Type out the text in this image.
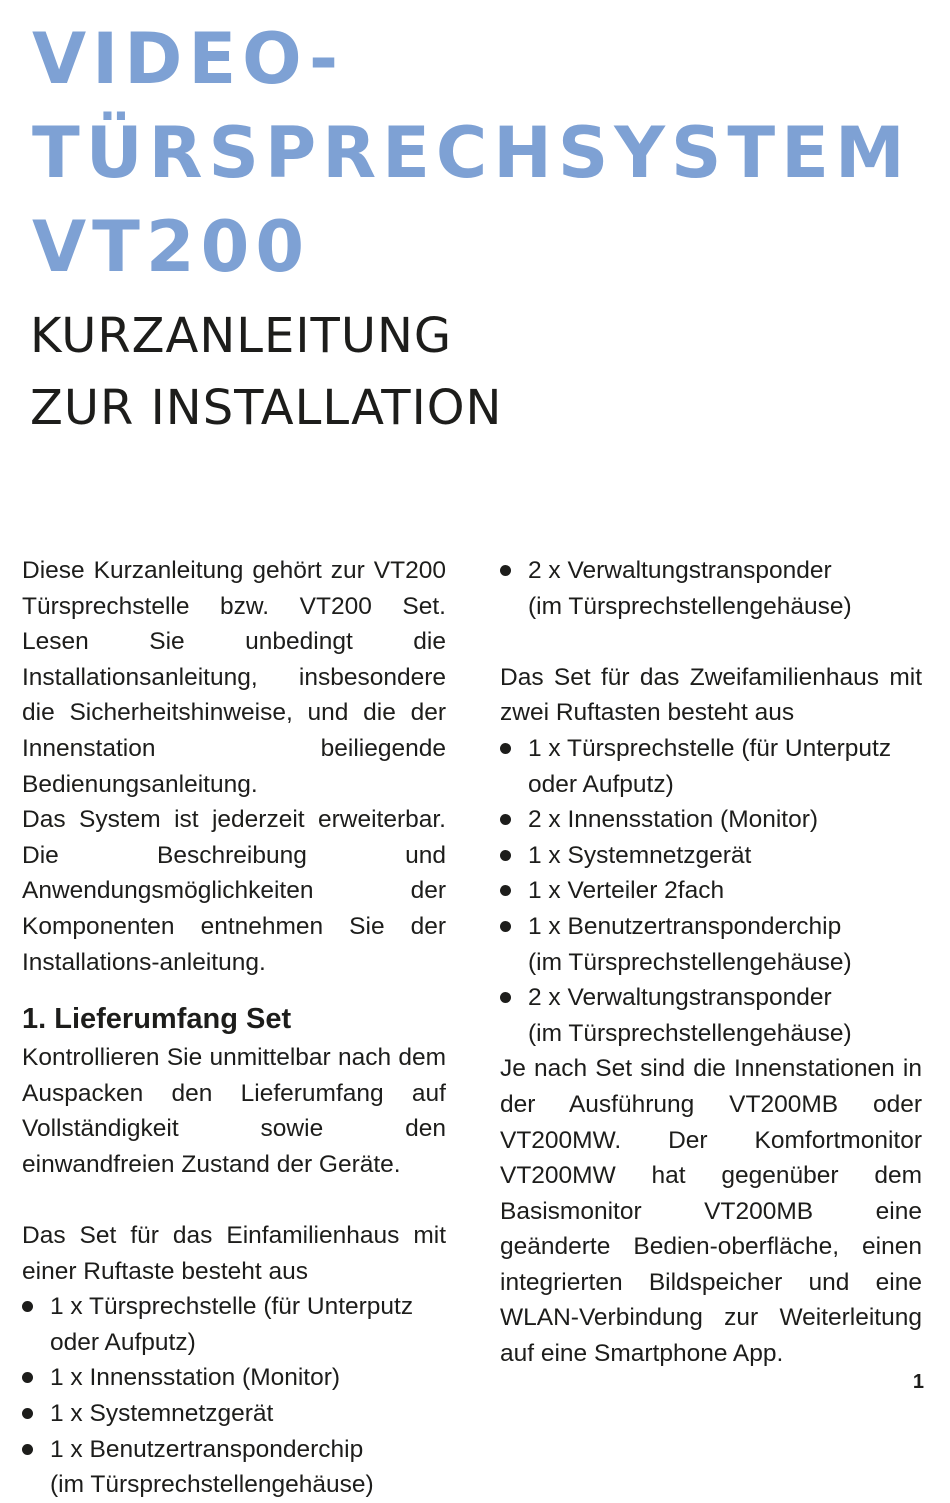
VIDEO-
TÜRSPRECHSYSTEM
VT200
KURZANLEITUNG
ZUR INSTALLATION

Diese Kurzanleitung gehört zur VT200 Türsprechstelle bzw. VT200 Set. Lesen Sie unbedingt die Installationsanleitung, insbesondere die Sicherheitshinweise, und die der Innenstation beiliegende Bedienungsanleitung.

Das System ist jederzeit erweiterbar. Die Beschreibung und Anwendungsmöglichkeiten der Komponenten entnehmen Sie der Installations-anleitung.

1. Lieferumfang Set

Kontrollieren Sie unmittelbar nach dem Auspacken den Lieferumfang auf Vollständigkeit sowie den einwandfreien Zustand der Geräte.

Das Set für das Einfamilienhaus mit einer Ruftaste besteht aus

1 x Türsprechstelle (für Unterputz oder Aufputz)
1 x Innensstation (Monitor)
1 x Systemnetzgerät
1 x Benutzertransponderchip
(im Türsprechstellengehäuse)
2 x Verwaltungstransponder
(im Türsprechstellengehäuse)

Das Set für das Zweifamilienhaus mit zwei Ruftasten besteht aus

1 x Türsprechstelle (für Unterputz oder Aufputz)
2 x Innensstation (Monitor)
1 x Systemnetzgerät
1 x Verteiler 2fach
1 x Benutzertransponderchip
(im Türsprechstellengehäuse)
2 x Verwaltungstransponder
(im Türsprechstellengehäuse)

Je nach Set sind die Innenstationen in der Ausführung VT200MB oder VT200MW. Der Komfortmonitor VT200MW hat gegenüber dem Basismonitor VT200MB eine geänderte Bedien-oberfläche, einen integrierten Bildspeicher und eine WLAN-Verbindung zur Weiterleitung auf eine Smartphone App.

1
